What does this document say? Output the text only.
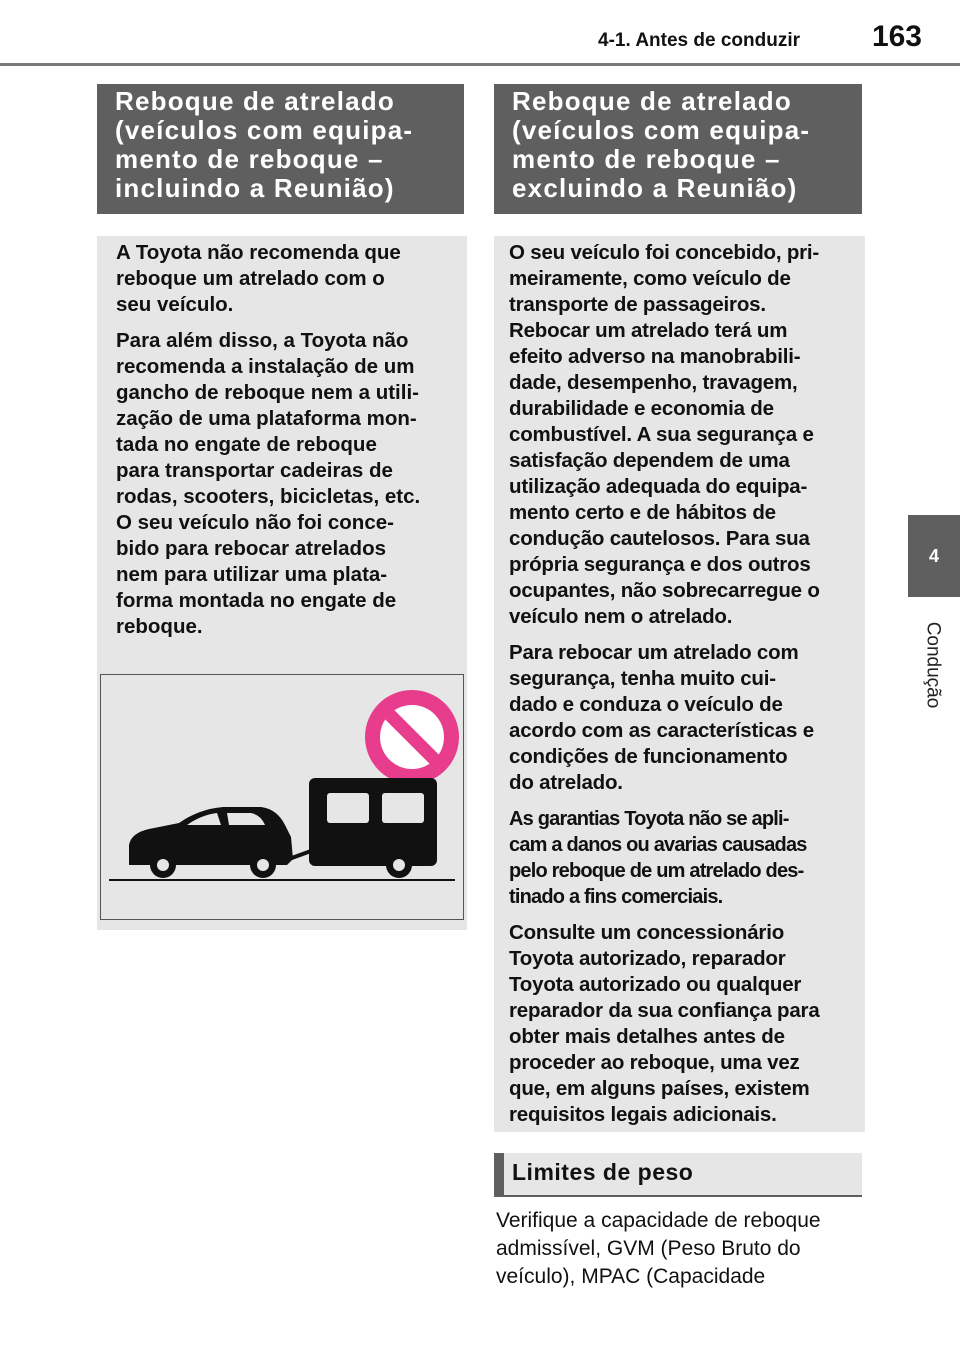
4-1. Antes de conduzir	163
4
Condução
Reboque de atrelado
(veículos com equipa-
mento de reboque –
incluindo a Reunião)

A Toyota não recomenda que
reboque um atrelado com o
seu veículo.

Para além disso, a Toyota não
recomenda a instalação de um
gancho de reboque nem a utili-
zação de uma plataforma mon-
tada no engate de reboque
para transportar cadeiras de
rodas, scooters, bicicletas, etc.
O seu veículo não foi conce-
bido para rebocar atrelados
nem para utilizar uma plata-
forma montada no engate de
reboque.

Reboque de atrelado
(veículos com equipa-
mento de reboque –
excluindo a Reunião)

O seu veículo foi concebido, pri-
meiramente, como veículo de
transporte de passageiros.
Rebocar um atrelado terá um
efeito adverso na manobrabili-
dade, desempenho, travagem,
durabilidade e economia de
combustível. A sua segurança e
satisfação dependem de uma
utilização adequada do equipa-
mento certo e de hábitos de
condução cautelosos. Para sua
própria segurança e dos outros
ocupantes, não sobrecarregue o
veículo nem o atrelado.

Para rebocar um atrelado com
segurança, tenha muito cui-
dado e conduza o veículo de
acordo com as características e
condições de funcionamento
do atrelado.

As garantias Toyota não se apli-
cam a danos ou avarias causadas
pelo reboque de um atrelado des-
tinado a fins comerciais.

Consulte um concessionário
Toyota autorizado, reparador
Toyota autorizado ou qualquer
reparador da sua confiança para
obter mais detalhes antes de
proceder ao reboque, uma vez
que, em alguns países, existem
requisitos legais adicionais.

Limites de peso

Verifique a capacidade de reboque

admissível, GVM (Peso Bruto do

veículo), MPAC (Capacidade
